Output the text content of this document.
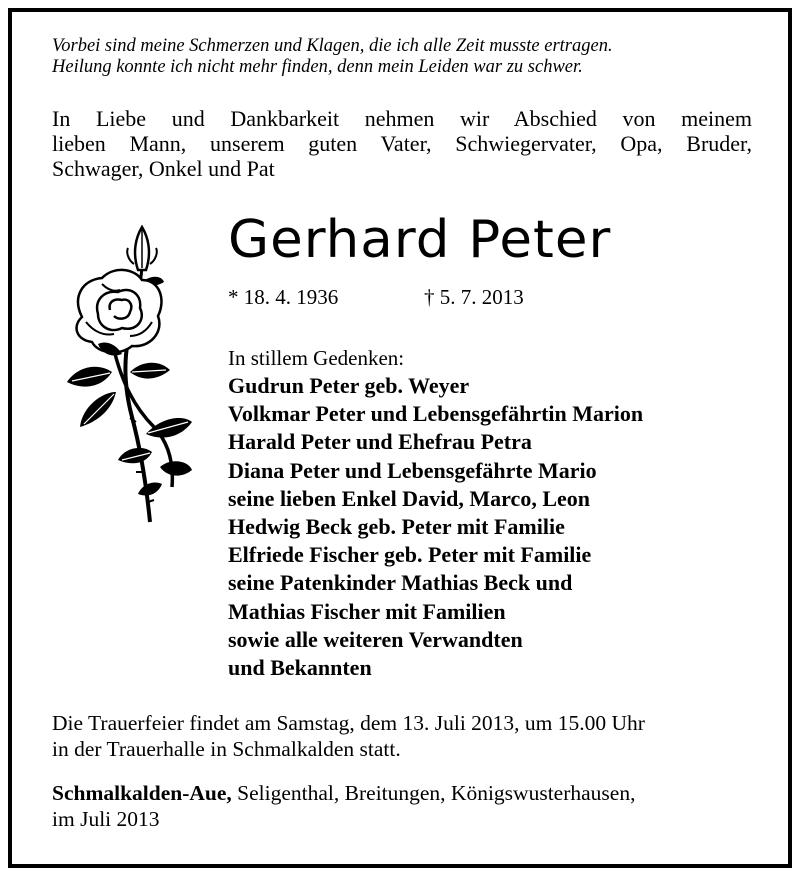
Vorbei sind meine Schmerzen und Klagen, die ich alle Zeit musste ertragen.
Heilung konnte ich nicht mehr finden, denn mein Leiden war zu schwer.
In Liebe und Dankbarkeit nehmen wir Abschied von meinem
lieben Mann, unserem guten Vater, Schwiegervater, Opa, Bruder,
Schwager, Onkel und Pat
Gerhard Peter
* 18. 4. 1936	† 5. 7. 2013
In stillem Gedenken:
Gudrun Peter geb. Weyer
Volkmar Peter und Lebensgefährtin Marion
Harald Peter und Ehefrau Petra
Diana Peter und Lebensgefährte Mario
seine lieben Enkel David, Marco, Leon
Hedwig Beck geb. Peter mit Familie
Elfriede Fischer geb. Peter mit Familie
seine Patenkinder Mathias Beck und
Mathias Fischer mit Familien
sowie alle weiteren Verwandten
und Bekannten
Die Trauerfeier findet am Samstag, dem 13. Juli 2013, um 15.00 Uhr
in der Trauerhalle in Schmalkalden statt.
Schmalkalden-Aue, Seligenthal, Breitungen, Königswusterhausen,
im Juli 2013
